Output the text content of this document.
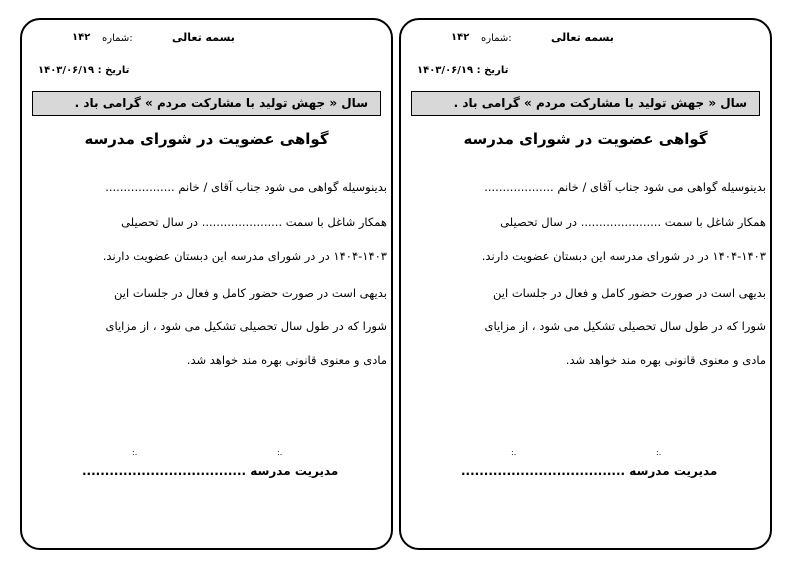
بسمه تعالی
شماره:
۱۴۲
تاریخ : ۱۴۰۳/۰۶/۱۹
سال « جهش تولید با مشارکت مردم » گرامی باد .
گواهی عضویت در شورای مدرسه
بدینوسیله گواهی می شود جناب آقای / خانم ...................
همکار شاغل با سمت ...................... در سال تحصیلی
۱۴۰۴-۱۴۰۳ در در شورای مدرسه این دبستان عضویت دارند.
بدیهی است در صورت حضور کامل و فعال در جلسات این
شورا که در طول سال تحصیلی تشکیل می شود ، از مزایای
مادی و معنوی قانونی بهره مند خواهد شد.
:.
:.
مدیریت مدرسه ....................................
بسمه تعالی
شماره:
۱۴۲
تاریخ : ۱۴۰۳/۰۶/۱۹
سال « جهش تولید با مشارکت مردم » گرامی باد .
گواهی عضویت در شورای مدرسه
بدینوسیله گواهی می شود جناب آقای / خانم ...................
همکار شاغل با سمت ...................... در سال تحصیلی
۱۴۰۴-۱۴۰۳ در در شورای مدرسه این دبستان عضویت دارند.
بدیهی است در صورت حضور کامل و فعال در جلسات این
شورا که در طول سال تحصیلی تشکیل می شود ، از مزایای
مادی و معنوی قانونی بهره مند خواهد شد.
:.
:.
مدیریت مدرسه ....................................
